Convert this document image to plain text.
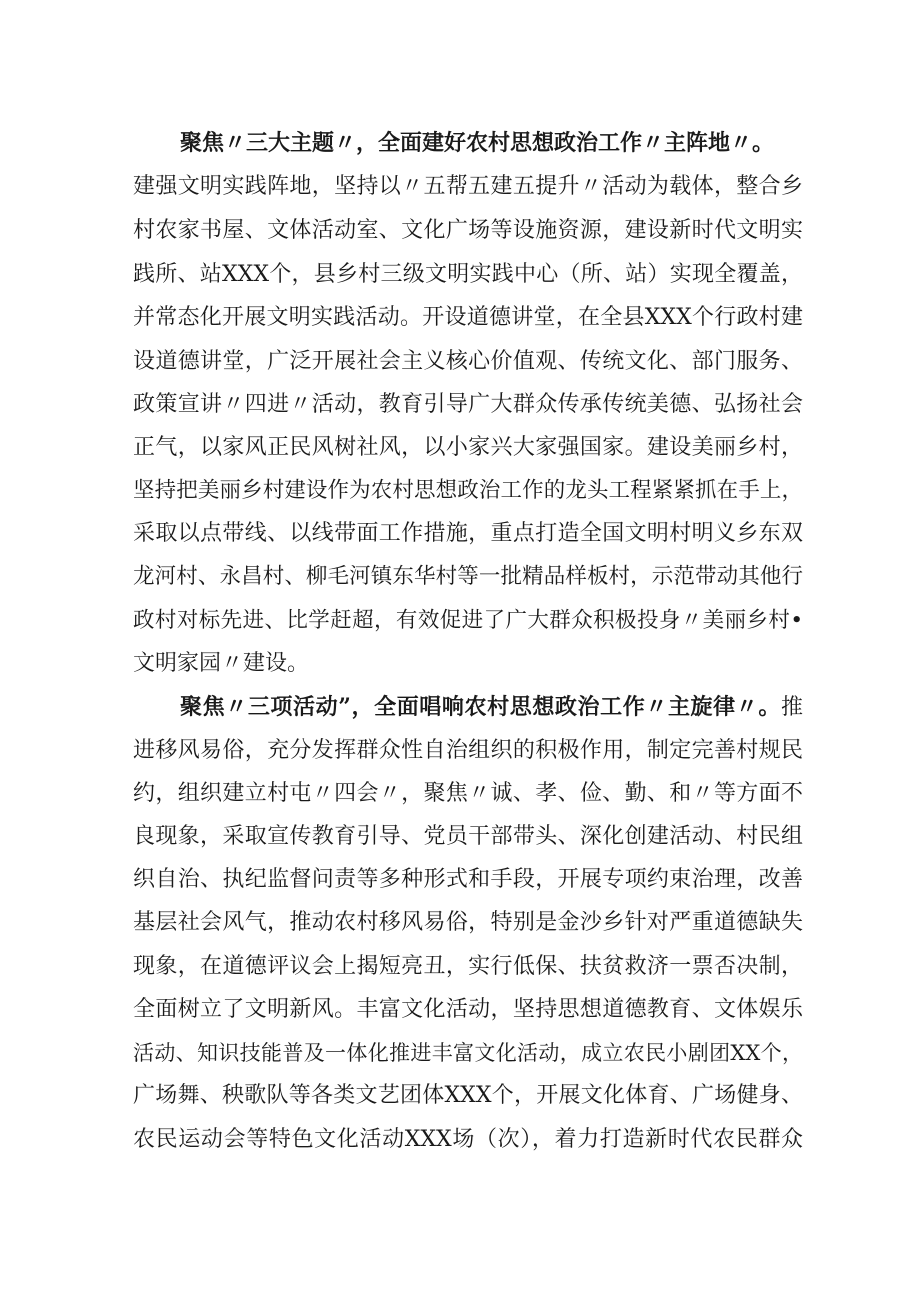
聚焦〃三大主题〃，全面建好农村思想政治工作〃主阵地〃。
建强文明实践阵地，坚持以〃五帮五建五提升〃活动为载体，整合乡
村农家书屋、文体活动室、文化广场等设施资源，建设新时代文明实
践所、站XXX个，县乡村三级文明实践中心（所、站）实现全覆盖，
并常态化开展文明实践活动。开设道德讲堂，在全县XXX个行政村建
设道德讲堂，广泛开展社会主义核心价值观、传统文化、部门服务、
政策宣讲〃四进〃活动，教育引导广大群众传承传统美德、弘扬社会
正气，以家风正民风树社风，以小家兴大家强国家。建设美丽乡村，
坚持把美丽乡村建设作为农村思想政治工作的龙头工程紧紧抓在手上，
采取以点带线、以线带面工作措施，重点打造全国文明村明义乡东双
龙河村、永昌村、柳毛河镇东华村等一批精品样板村，示范带动其他行
政村对标先进、比学赶超，有效促进了广大群众积极投身〃美丽乡村•
文明家园〃建设。
聚焦〃三项活动”，全面唱响农村思想政治工作〃主旋律〃。推
进移风易俗，充分发挥群众性自治组织的积极作用，制定完善村规民
约，组织建立村屯〃四会〃，聚焦〃诚、孝、俭、勤、和〃等方面不
良现象，采取宣传教育引导、党员干部带头、深化创建活动、村民组
织自治、执纪监督问责等多种形式和手段，开展专项约束治理，改善
基层社会风气，推动农村移风易俗，特别是金沙乡针对严重道德缺失
现象，在道德评议会上揭短亮丑，实行低保、扶贫救济一票否决制，
全面树立了文明新风。丰富文化活动，坚持思想道德教育、文体娱乐
活动、知识技能普及一体化推进丰富文化活动，成立农民小剧团XX个，
广场舞、秧歌队等各类文艺团体XXX个，开展文化体育、广场健身、
农民运动会等特色文化活动XXX场（次），着力打造新时代农民群众
